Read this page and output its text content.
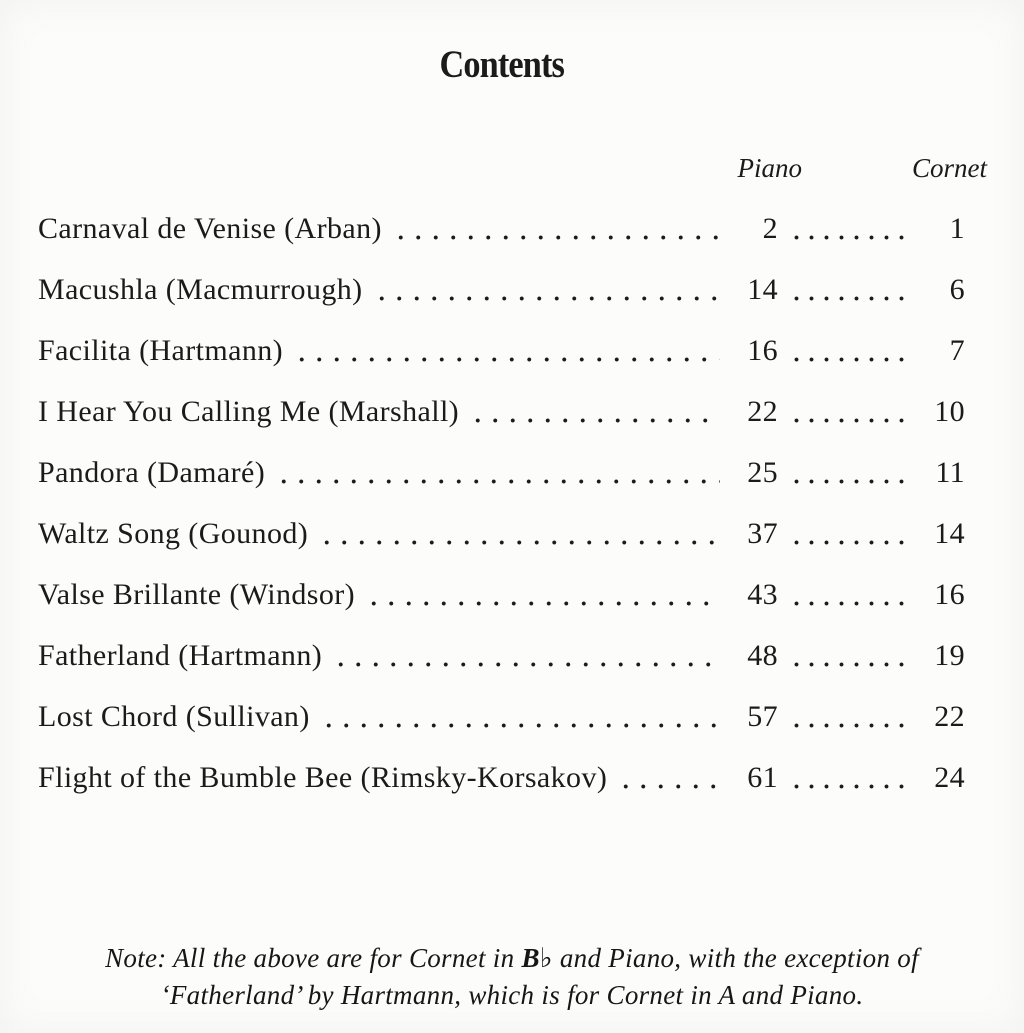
Contents
Piano	Cornet
Carnaval de Venise (Arban)	2	1
Macushla (Macmurrough)	14	6
Facilita (Hartmann)	16	7
I Hear You Calling Me (Marshall)	22	10
Pandora (Damaré)	25	11
Waltz Song (Gounod)	37	14
Valse Brillante (Windsor)	43	16
Fatherland (Hartmann)	48	19
Lost Chord (Sullivan)	57	22
Flight of the Bumble Bee (Rimsky-Korsakov)	61	24
Note: All the above are for Cornet in B♭ and Piano, with the exception of
‘Fatherland’ by Hartmann, which is for Cornet in A and Piano.
